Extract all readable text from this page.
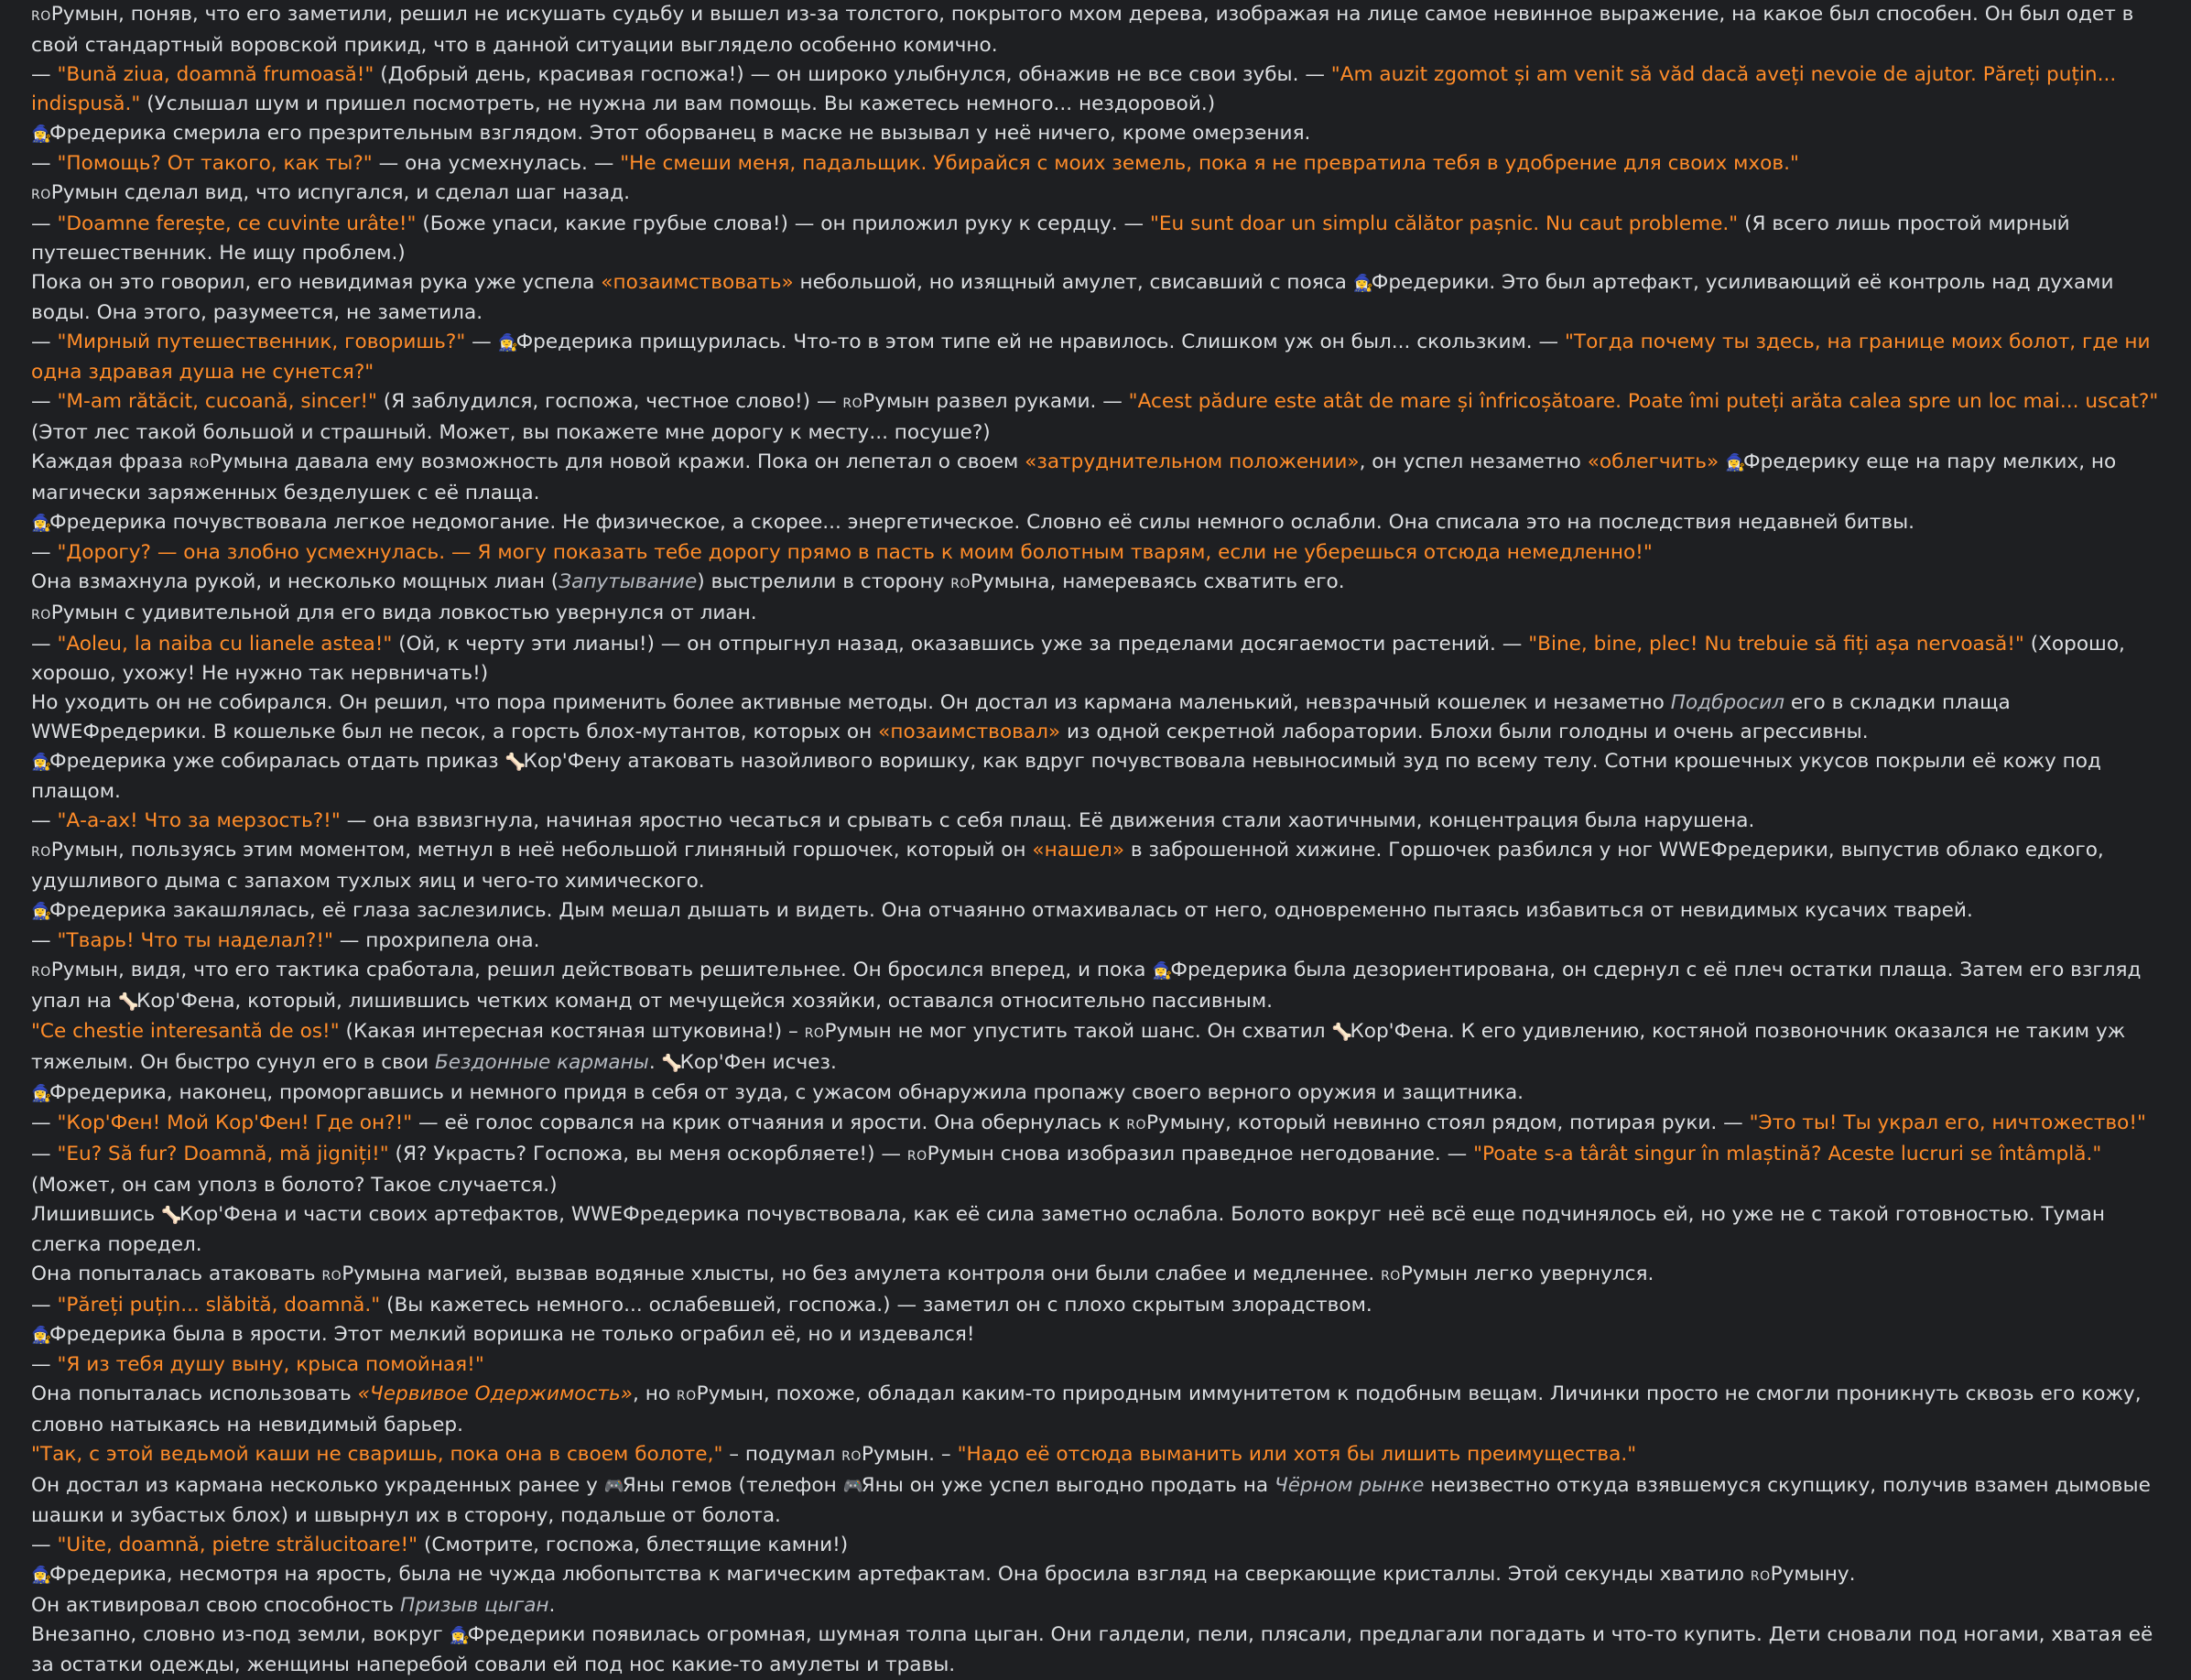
ROРумын, поняв, что его заметили, решил не искушать судьбу и вышел из-за толстого, покрытого мхом дерева, изображая на лице самое невинное выражение, на какое был способен. Он был одет в свой стандартный воровской прикид, что в данной ситуации выглядело особенно комично.
— "Bună ziua, doamnă frumoasă!" (Добрый день, красивая госпожа!) — он широко улыбнулся, обнажив не все свои зубы. — "Am auzit zgomot și am venit să văd dacă aveți nevoie de ajutor. Păreți puțin... indispusă." (Услышал шум и пришел посмотреть, не нужна ли вам помощь. Вы кажетесь немного... нездоровой.)
🧙‍♀️Фредерика смерила его презрительным взглядом. Этот оборванец в маске не вызывал у неё ничего, кроме омерзения.
— "Помощь? От такого, как ты?" — она усмехнулась. — "Не смеши меня, падальщик. Убирайся с моих земель, пока я не превратила тебя в удобрение для своих мхов."
ROРумын сделал вид, что испугался, и сделал шаг назад.
— "Doamne ferește, ce cuvinte urâte!" (Боже упаси, какие грубые слова!) — он приложил руку к сердцу. — "Eu sunt doar un simplu călător pașnic. Nu caut probleme." (Я всего лишь простой мирный путешественник. Не ищу проблем.)
Пока он это говорил, его невидимая рука уже успела «позаимствовать» небольшой, но изящный амулет, свисавший с пояса 🧙‍♀️Фредерики. Это был артефакт, усиливающий её контроль над духами воды. Она этого, разумеется, не заметила.
— "Мирный путешественник, говоришь?" — 🧙‍♀️Фредерика прищурилась. Что-то в этом типе ей не нравилось. Слишком уж он был... скользким. — "Тогда почему ты здесь, на границе моих болот, где ни одна здравая душа не сунется?"
— "M-am rătăcit, cucoană, sincer!" (Я заблудился, госпожа, честное слово!) — ROРумын развел руками. — "Acest pădure este atât de mare și înfricoșătoare. Poate îmi puteți arăta calea spre un loc mai... uscat?" (Этот лес такой большой и страшный. Может, вы покажете мне дорогу к месту... посуше?)
Каждая фраза ROРумына давала ему возможность для новой кражи. Пока он лепетал о своем «затруднительном положении», он успел незаметно «облегчить» 🧙‍♀️Фредерику еще на пару мелких, но магически заряженных безделушек с её плаща.
🧙‍♀️Фредерика почувствовала легкое недомогание. Не физическое, а скорее... энергетическое. Словно её силы немного ослабли. Она списала это на последствия недавней битвы.
— "Дорогу? — она злобно усмехнулась. — Я могу показать тебе дорогу прямо в пасть к моим болотным тварям, если не уберешься отсюда немедленно!"
Она взмахнула рукой, и несколько мощных лиан (Запутывание) выстрелили в сторону ROРумына, намереваясь схватить его.
ROРумын с удивительной для его вида ловкостью увернулся от лиан.
— "Aoleu, la naiba cu lianele astea!" (Ой, к черту эти лианы!) — он отпрыгнул назад, оказавшись уже за пределами досягаемости растений. — "Bine, bine, plec! Nu trebuie să fiți așa nervoasă!" (Хорошо, хорошо, ухожу! Не нужно так нервничать!)
Но уходить он не собирался. Он решил, что пора применить более активные методы. Он достал из кармана маленький, невзрачный кошелек и незаметно Подбросил его в складки плаща WWEФредерики. В кошельке был не песок, а горсть блох-мутантов, которых он «позаимствовал» из одной секретной лаборатории. Блохи были голодны и очень агрессивны.
🧙‍♀️Фредерика уже собиралась отдать приказ 🦴Кор'Фену атаковать назойливого воришку, как вдруг почувствовала невыносимый зуд по всему телу. Сотни крошечных укусов покрыли её кожу под плащом.
— "А-а-ах! Что за мерзость?!" — она взвизгнула, начиная яростно чесаться и срывать с себя плащ. Её движения стали хаотичными, концентрация была нарушена.
ROРумын, пользуясь этим моментом, метнул в неё небольшой глиняный горшочек, который он «нашел» в заброшенной хижине. Горшочек разбился у ног WWEФредерики, выпустив облако едкого, удушливого дыма с запахом тухлых яиц и чего-то химического.
🧙‍♀️Фредерика закашлялась, её глаза заслезились. Дым мешал дышать и видеть. Она отчаянно отмахивалась от него, одновременно пытаясь избавиться от невидимых кусачих тварей.
— "Тварь! Что ты наделал?!" — прохрипела она.
ROРумын, видя, что его тактика сработала, решил действовать решительнее. Он бросился вперед, и пока 🧙‍♀️Фредерика была дезориентирована, он сдернул с её плеч остатки плаща. Затем его взгляд упал на 🦴Кор'Фена, который, лишившись четких команд от мечущейся хозяйки, оставался относительно пассивным.
"Ce chestie interesantă de os!" (Какая интересная костяная штуковина!) – ROРумын не мог упустить такой шанс. Он схватил 🦴Кор'Фена. К его удивлению, костяной позвоночник оказался не таким уж тяжелым. Он быстро сунул его в свои Бездонные карманы. 🦴Кор'Фен исчез.
🧙‍♀️Фредерика, наконец, проморгавшись и немного придя в себя от зуда, с ужасом обнаружила пропажу своего верного оружия и защитника.
— "Кор'Фен! Мой Кор'Фен! Где он?!" — её голос сорвался на крик отчаяния и ярости. Она обернулась к ROРумыну, который невинно стоял рядом, потирая руки. — "Это ты! Ты украл его, ничтожество!"
— "Eu? Să fur? Doamnă, mă jigniți!" (Я? Украсть? Госпожа, вы меня оскорбляете!) — ROРумын снова изобразил праведное негодование. — "Poate s-a târât singur în mlaștină? Aceste lucruri se întâmplă." (Может, он сам уполз в болото? Такое случается.)
Лишившись 🦴Кор'Фена и части своих артефактов, WWEФредерика почувствовала, как её сила заметно ослабла. Болото вокруг неё всё еще подчинялось ей, но уже не с такой готовностью. Туман слегка поредел.
Она попыталась атаковать ROРумына магией, вызвав водяные хлысты, но без амулета контроля они были слабее и медленнее. ROРумын легко увернулся.
— "Păreți puțin... slăbită, doamnă." (Вы кажетесь немного... ослабевшей, госпожа.) — заметил он с плохо скрытым злорадством.
🧙‍♀️Фредерика была в ярости. Этот мелкий воришка не только ограбил её, но и издевался!
— "Я из тебя душу выну, крыса помойная!"
Она попыталась использовать «Червивое Одержимость», но ROРумын, похоже, обладал каким-то природным иммунитетом к подобным вещам. Личинки просто не смогли проникнуть сквозь его кожу, словно натыкаясь на невидимый барьер.
"Так, с этой ведьмой каши не сваришь, пока она в своем болоте," – подумал ROРумын. – "Надо её отсюда выманить или хотя бы лишить преимущества."
Он достал из кармана несколько украденных ранее у 🎮Яны гемов (телефон 🎮Яны он уже успел выгодно продать на Чёрном рынке неизвестно откуда взявшемуся скупщику, получив взамен дымовые шашки и зубастых блох) и швырнул их в сторону, подальше от болота.
— "Uite, doamnă, pietre strălucitoare!" (Смотрите, госпожа, блестящие камни!)
🧙‍♀️Фредерика, несмотря на ярость, была не чужда любопытства к магическим артефактам. Она бросила взгляд на сверкающие кристаллы. Этой секунды хватило ROРумыну.
Он активировал свою способность Призыв цыган.
Внезапно, словно из-под земли, вокруг 🧙‍♀️Фредерики появилась огромная, шумная толпа цыган. Они галдели, пели, плясали, предлагали погадать и что-то купить. Дети сновали под ногами, хватая её за остатки одежды, женщины наперебой совали ей под нос какие-то амулеты и травы.
